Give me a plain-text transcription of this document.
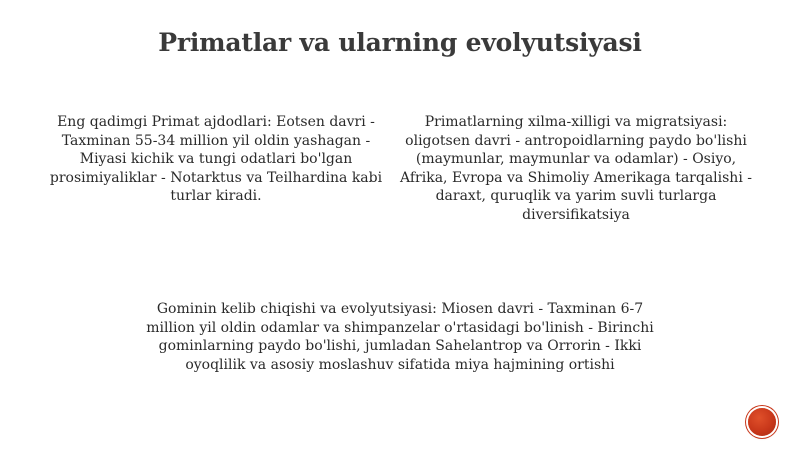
Primatlar va ularning evolyutsiyasi
Eng qadimgi Primat ajdodlari: Eotsen davri - Taxminan 55-34 million yil oldin yashagan - Miyasi kichik va tungi odatlari bo'lgan prosimiyaliklar - Notarktus va Teilhardina kabi turlar kiradi.
Primatlarning xilma-xilligi va migratsiyasi: oligotsen davri - antropoidlarning paydo bo'lishi (maymunlar, maymunlar va odamlar) - Osiyo, Afrika, Evropa va Shimoliy Amerikaga tarqalishi - daraxt, quruqlik va yarim suvli turlarga diversifikatsiya
Gominin kelib chiqishi va evolyutsiyasi: Miosen davri - Taxminan 6-7 million yil oldin odamlar va shimpanzelar o'rtasidagi bo'linish - Birinchi gominlarning paydo bo'lishi, jumladan Sahelantrop va Orrorin - Ikki oyoqlilik va asosiy moslashuv sifatida miya hajmining ortishi
